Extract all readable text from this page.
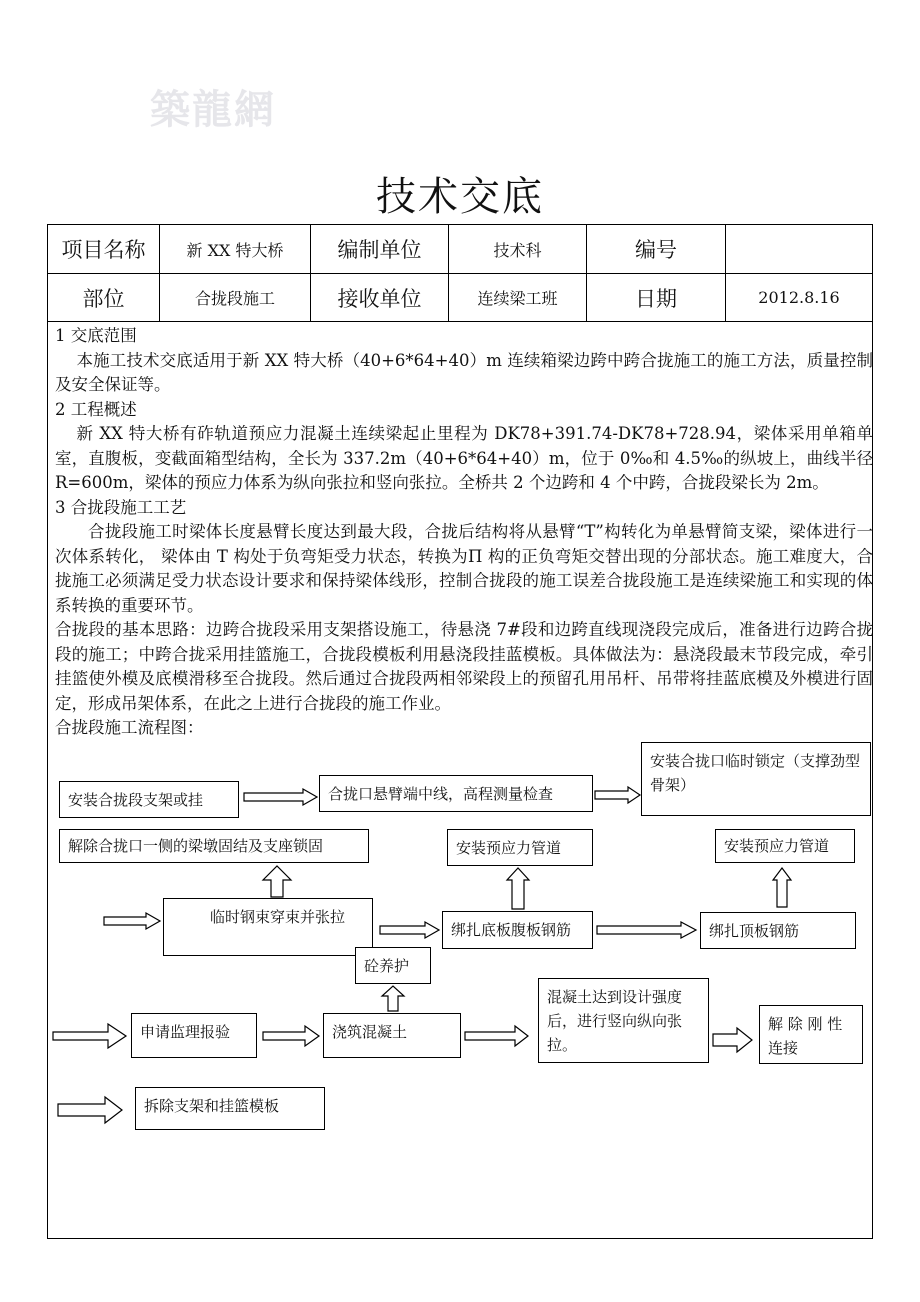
築龍網
技术交底
项目名称	新 XX 特大桥	编制单位	技术科	编号	
部位	合拢段施工	接收单位	连续梁工班	日期	2012.8.16

1 交底范围

本施工技术交底适用于新 XX 特大桥（40+6*64+40）m 连续箱梁边跨中跨合拢施工的施工方法，质量控制及安全保证等。

2 工程概述

新 XX 特大桥有砟轨道预应力混凝土连续梁起止里程为 DK78+391.74-DK78+728.94，梁体采用单箱单室，直腹板，变截面箱型结构，全长为 337.2m（40+6*64+40）m，位于 0‰和 4.5‰的纵坡上，曲线半径 R=600m，梁体的预应力体系为纵向张拉和竖向张拉。全桥共 2 个边跨和 4 个中跨，合拢段梁长为 2m。

3 合拢段施工工艺

合拢段施工时梁体长度悬臂长度达到最大段，合拢后结构将从悬臂“T”构转化为单悬臂简支梁，梁体进行一次体系转化， 梁体由 T 构处于负弯矩受力状态，转换为Π 构的正负弯矩交替出现的分部状态。施工难度大，合拢施工必须满足受力状态设计要求和保持梁体线形，控制合拢段的施工误差合拢段施工是连续梁施工和实现的体系转换的重要环节。

合拢段的基本思路：边跨合拢段采用支架搭设施工，待悬浇 7#段和边跨直线现浇段完成后，准备进行边跨合拢段的施工；中跨合拢采用挂篮施工，合拢段模板利用悬浇段挂蓝模板。具体做法为：悬浇段最末节段完成，牵引挂篮使外模及底模滑移至合拢段。然后通过合拢段两相邻梁段上的预留孔用吊杆、吊带将挂蓝底模及外模进行固定，形成吊架体系，在此之上进行合拢段的施工作业。

合拢段施工流程图：

安装合拢段支架或挂	合拢口悬臂端中线，高程测量检查
安装合拢口临时锁定（支撑劲型骨架）
解除合拢口一侧的梁墩固结及支座锁固	安装预应力管道	安装预应力管道
临时钢束穿束并张拉
绑扎底板腹板钢筋	绑扎顶板钢筋
砼养护
混凝土达到设计强度后，进行竖向纵向张拉。
申请监理报验	浇筑混凝土	解 除 刚 性 连接
拆除支架和挂篮模板
